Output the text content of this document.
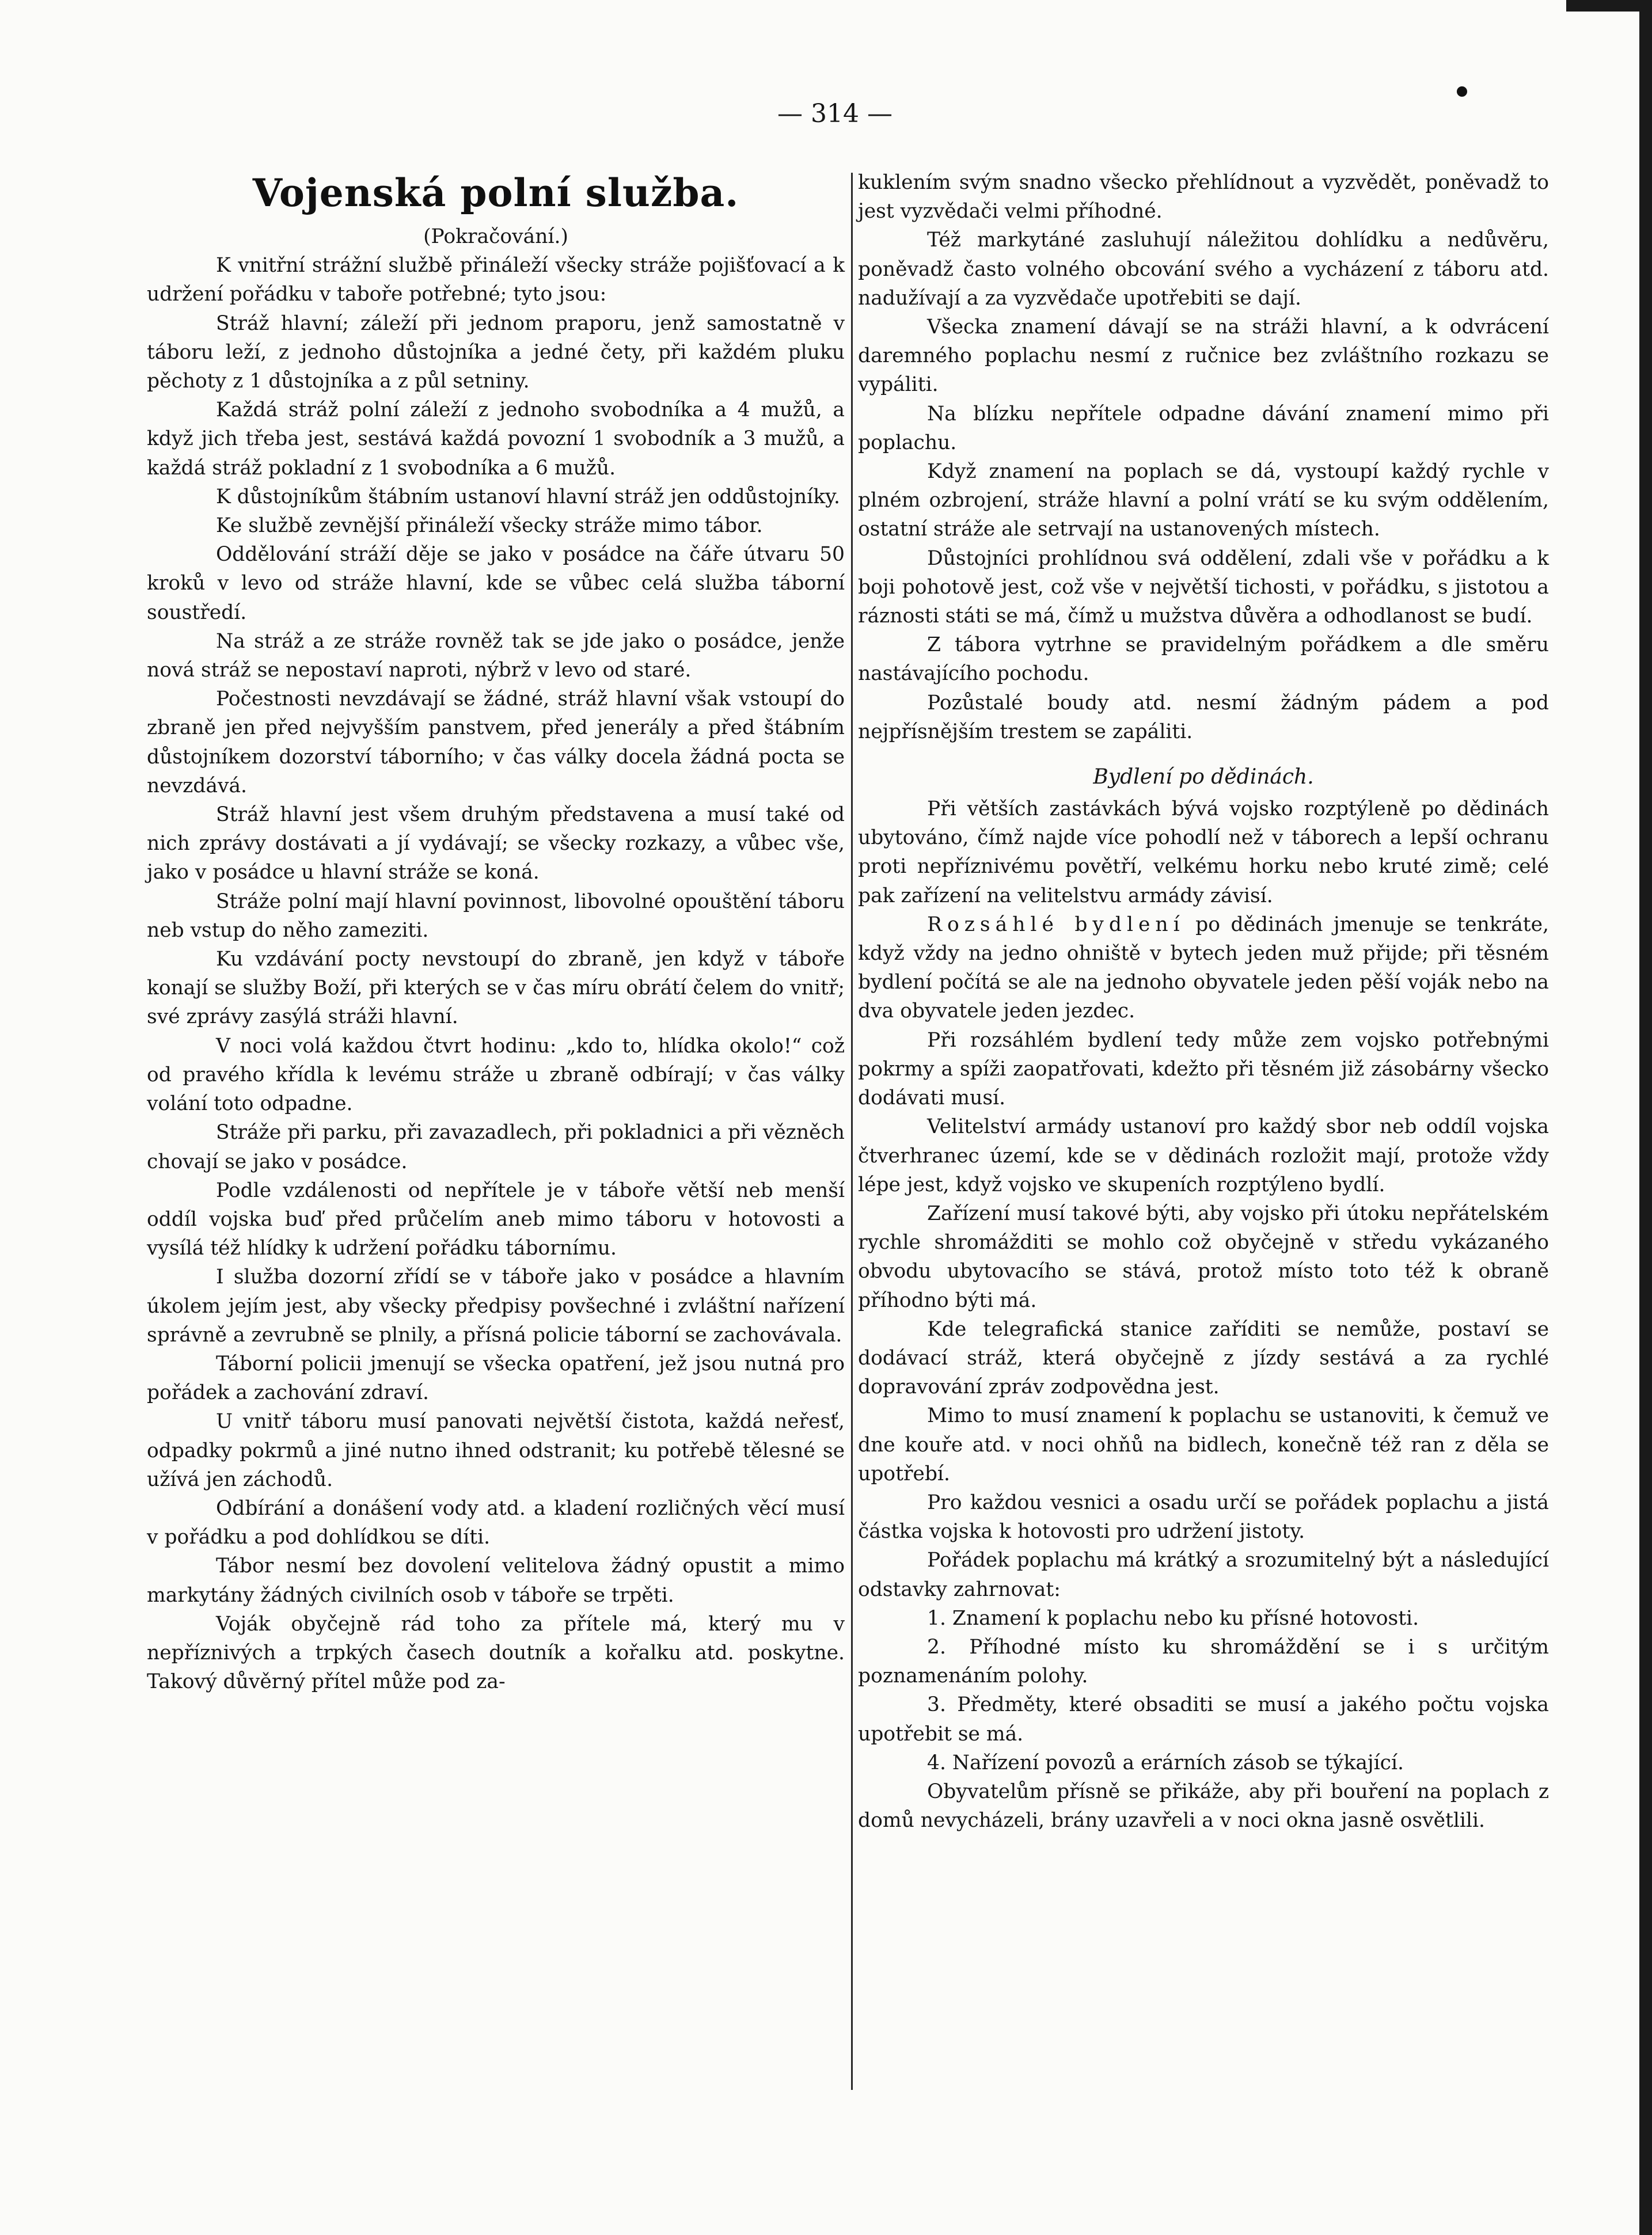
— 314 —
Vojenská polní služba.

(Pokračování.)

K vnitřní strážní službě přináleží všecky stráže pojišťovací a k udržení pořádku v taboře potřebné; tyto jsou:

Stráž hlavní; záleží při jednom praporu, jenž samostatně v táboru leží, z jednoho důstojníka a jedné čety, při každém pluku pěchoty z 1 důstojníka a z půl setniny.

Každá stráž polní záleží z jednoho svobodníka a 4 mužů, a když jich třeba jest, sestává každá povozní 1 svobodník a 3 mužů, a každá stráž pokladní z 1 svobodníka a 6 mužů.

K důstojníkům štábním ustanoví hlavní stráž jen oddůstojníky.

Ke službě zevnější přináleží všecky stráže mimo tábor.

Oddělování stráží děje se jako v posádce na čáře útvaru 50 kroků v levo od stráže hlavní, kde se vůbec celá služba táborní soustředí.

Na stráž a ze stráže rovněž tak se jde jako o posádce, jenže nová stráž se nepostaví naproti, nýbrž v levo od staré.

Počestnosti nevzdávají se žádné, stráž hlavní však vstoupí do zbraně jen před nejvyšším panstvem, před jenerály a před štábním důstojníkem dozorství táborního; v čas války docela žádná pocta se nevzdává.

Stráž hlavní jest všem druhým představena a musí také od nich zprávy dostávati a jí vydávají; se všecky rozkazy, a vůbec vše, jako v posádce u hlavní stráže se koná.

Stráže polní mají hlavní povinnost, libovolné opouštění táboru neb vstup do něho zameziti.

Ku vzdávání pocty nevstoupí do zbraně, jen když v táboře konají se služby Boží, při kterých se v čas míru obrátí čelem do vnitř; své zprávy zasýlá stráži hlavní.

V noci volá každou čtvrt hodinu: „kdo to, hlídka okolo!“ což od pravého křídla k levému stráže u zbraně odbírají; v čas války volání toto odpadne.

Stráže při parku, při zavazadlech, při pokladnici a při vězněch chovají se jako v posádce.

Podle vzdálenosti od nepřítele je v táboře větší neb menší oddíl vojska buď před průčelím aneb mimo táboru v hotovosti a vysílá též hlídky k udržení pořádku tábornímu.

I služba dozorní zřídí se v táboře jako v posádce a hlavním úkolem jejím jest, aby všecky předpisy povšechné i zvláštní nařízení správně a zevrubně se plnily, a přísná policie táborní se zachovávala.

Táborní policii jmenují se všecka opatření, jež jsou nutná pro pořádek a zachování zdraví.

U vnitř táboru musí panovati největší čistota, každá neřesť, odpadky pokrmů a jiné nutno ihned odstranit; ku potřebě tělesné se užívá jen záchodů.

Odbírání a donášení vody atd. a kladení rozličných věcí musí v pořádku a pod dohlídkou se díti.

Tábor nesmí bez dovolení velitelova žádný opustit a mimo markytány žádných civilních osob v táboře se trpěti.

Voják obyčejně rád toho za přítele má, který mu v nepříznivých a trpkých časech doutník a kořalku atd. poskytne. Takový důvěrný přítel může pod za-

kuklením svým snadno všecko přehlídnout a vyzvědět, poněvadž to jest vyzvědači velmi příhodné.

Též markytáné zasluhují náležitou dohlídku a nedůvěru, poněvadž často volného obcování svého a vycházení z táboru atd. nadužívají a za vyzvědače upotřebiti se dají.

Všecka znamení dávají se na stráži hlavní, a k odvrácení daremného poplachu nesmí z ručnice bez zvláštního rozkazu se vypáliti.

Na blízku nepřítele odpadne dávání znamení mimo při poplachu.

Když znamení na poplach se dá, vystoupí každý rychle v plném ozbrojení, stráže hlavní a polní vrátí se ku svým oddělením, ostatní stráže ale setrvají na ustanovených místech.

Důstojníci prohlídnou svá oddělení, zdali vše v pořádku a k boji pohotově jest, což vše v největší tichosti, v pořádku, s jistotou a ráznosti státi se má, čímž u mužstva důvěra a odhodlanost se budí.

Z tábora vytrhne se pravidelným pořádkem a dle směru nastávajícího pochodu.

Pozůstalé boudy atd. nesmí žádným pádem a pod nejpřísnějším trestem se zapáliti.

Bydlení po dědinách.

Při větších zastávkách bývá vojsko rozptýleně po dědinách ubytováno, čímž najde více pohodlí než v táborech a lepší ochranu proti nepříznivému povětří, velkému horku nebo kruté zimě; celé pak zařízení na velitelstvu armády závisí.

Rozsáhlé bydlení po dědinách jmenuje se tenkráte, když vždy na jedno ohniště v bytech jeden muž přijde; při těsném bydlení počítá se ale na jednoho obyvatele jeden pěší voják nebo na dva obyvatele jeden jezdec.

Při rozsáhlém bydlení tedy může zem vojsko potřebnými pokrmy a spíži zaopatřovati, kdežto při těsném již zásobárny všecko dodávati musí.

Velitelství armády ustanoví pro každý sbor neb oddíl vojska čtverhranec území, kde se v dědinách rozložit mají, protože vždy lépe jest, když vojsko ve skupeních rozptýleno bydlí.

Zařízení musí takové býti, aby vojsko při útoku nepřátelském rychle shromážditi se mohlo což obyčejně v středu vykázaného obvodu ubytovacího se stává, protož místo toto též k obraně příhodno býti má.

Kde telegrafická stanice zaříditi se nemůže, postaví se dodávací stráž, která obyčejně z jízdy sestává a za rychlé dopravování zpráv zodpovědna jest.

Mimo to musí znamení k poplachu se ustanoviti, k čemuž ve dne kouře atd. v noci ohňů na bidlech, konečně též ran z děla se upotřebí.

Pro každou vesnici a osadu určí se pořádek poplachu a jistá částka vojska k hotovosti pro udržení jistoty.

Pořádek poplachu má krátký a srozumitelný být a následující odstavky zahrnovat:

1. Znamení k poplachu nebo ku přísné hotovosti.

2. Příhodné místo ku shromáždění se i s určitým poznamenáním polohy.

3. Předměty, které obsaditi se musí a jakého počtu vojska upotřebit se má.

4. Nařízení povozů a erárních zásob se týkající.

Obyvatelům přísně se přikáže, aby při bouření na poplach z domů nevycházeli, brány uzavřeli a v noci okna jasně osvětlili.
